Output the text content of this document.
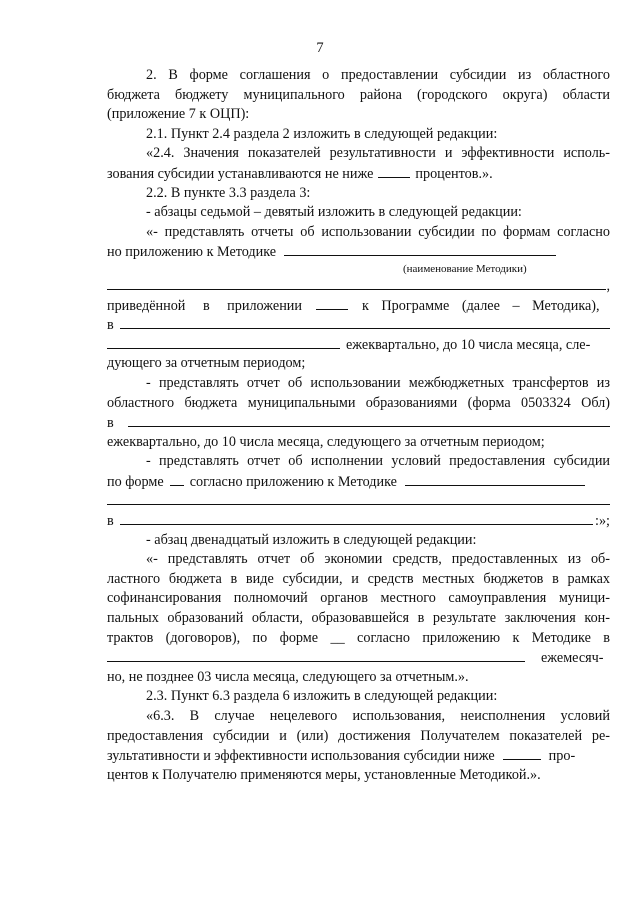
7
2. В форме соглашения о предоставлении субсидии из областного
бюджета бюджету муниципального района (городского округа) области
(приложение 7 к ОЦП):
2.1. Пункт 2.4 раздела 2 изложить в следующей редакции:
«2.4. Значения показателей результативности и эффективности исполь-
зования субсидии устанавливаются не ниже	процентов.».
2.2. В пункте 3.3 раздела 3:
- абзацы седьмой – девятый изложить в следующей редакции:
«- представлять отчеты об использовании субсидии по формам согласно
но приложению к Методике
(наименование Методики)
,
приведённой в приложении	к Программе (далее – Методика),
в
ежеквартально, до 10 числа месяца, сле-
дующего за отчетным периодом;
- представлять отчет об использовании межбюджетных трансфертов из
областного бюджета муниципальными образованиями (форма 0503324 Обл)
в
ежеквартально, до 10 числа месяца, следующего за отчетным периодом;
- представлять отчет об исполнении условий предоставления субсидии
по форме согласно приложению к Методике
в	:»;
- абзац двенадцатый изложить в следующей редакции:
«- представлять отчет об экономии средств, предоставленных из об-
ластного бюджета в виде субсидии, и средств местных бюджетов в рамках
софинансирования полномочий органов местного самоуправления муници-
пальных образований области, образовавшейся в результате заключения кон-
трактов (договоров), по форме __ согласно приложению к Методике в
ежемесяч-
но, не позднее 03 числа месяца, следующего за отчетным.».
2.3. Пункт 6.3 раздела 6 изложить в следующей редакции:
«6.3. В случае нецелевого использования, неисполнения условий
предоставления субсидии и (или) достижения Получателем показателей ре-
зультативности и эффективности использования субсидии ниже	про-
центов к Получателю применяются меры, установленные Методикой.».
